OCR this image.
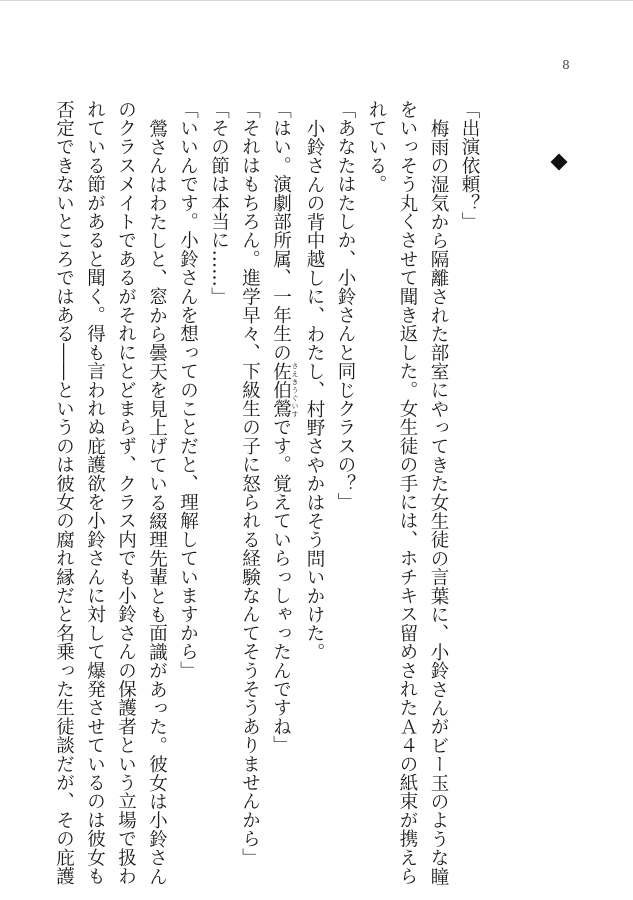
8
「出演依頼？」
梅雨の湿気から隔離された部室にやってきた女生徒の言葉に、小鈴さんがビー玉のような瞳
をいっそう丸くさせて聞き返した。女生徒の手には、ホチキス留めされたＡ４の紙束が携えら
れている。
「あなたはたしか、小鈴さんと同じクラスの？」
小鈴さんの背中越しに、わたし、村野さやかはそう問いかけた。
「はい。演劇部所属、一年生の佐伯鶯 さえきうぐいすです。覚えていらっしゃったんですね」
「それはもちろん。進学早々、下級生の子に怒られる経験なんてそうそうありませんから」
「その節は本当に……」
「いいんです。小鈴さんを想ってのことだと、理解していますから」
鶯さんはわたしと、窓から曇天を見上げている綴理先輩とも面識があった。彼女は小鈴さん
のクラスメイトであるがそれにとどまらず、クラス内でも小鈴さんの保護者という立場で扱わ
れている節があると聞く。得も言われぬ庇護欲を小鈴さんに対して爆発させているのは彼女も
否定できないところではある――というのは彼女の腐れ縁だと名乗った生徒談だが、その庇護
